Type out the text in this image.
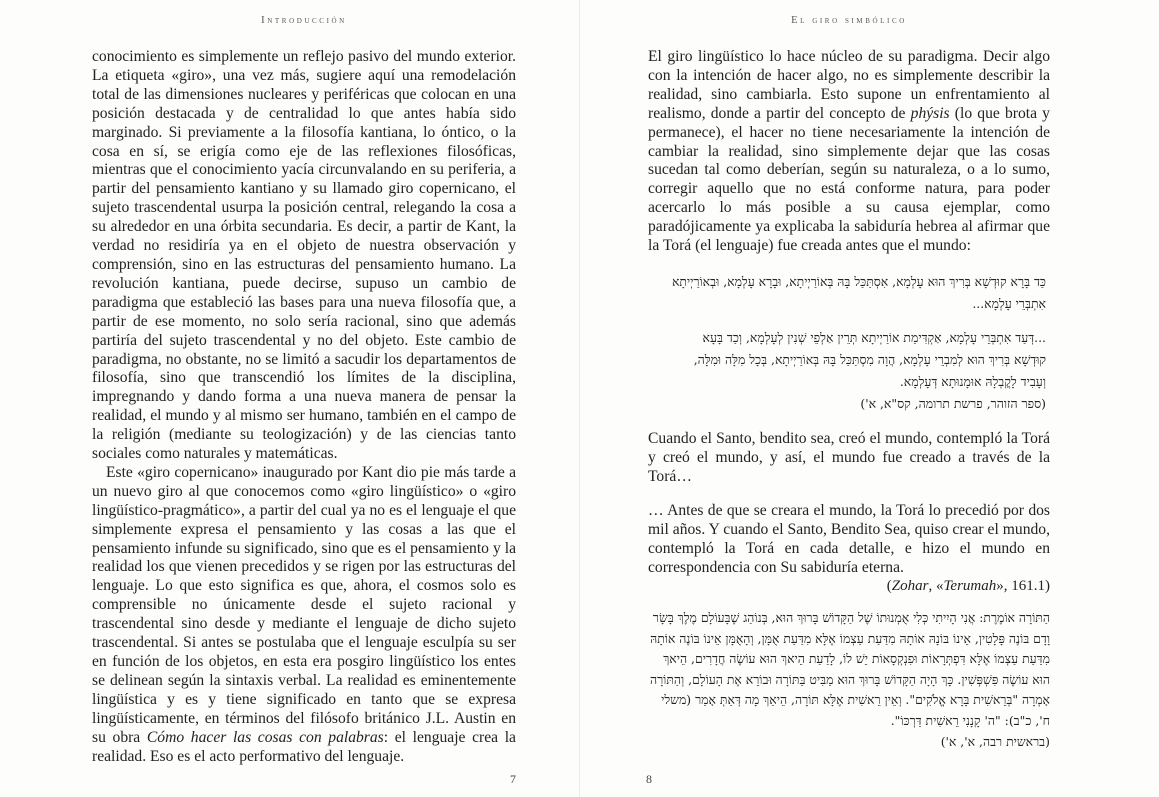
Introducción

conocimiento es simplemente un reflejo pasivo del mundo exterior. La etiqueta «giro», una vez más, sugiere aquí una remodelación total de las dimensiones nucleares y periféricas que colocan en una posición destacada y de centralidad lo que antes había sido marginado. Si previamente a la filosofía kantiana, lo óntico, o la cosa en sí, se erigía como eje de las reflexiones filosóficas, mientras que el conocimiento yacía circunvalando en su periferia, a partir del pensamiento kantiano y su llamado giro copernicano, el sujeto trascendental usurpa la posición central, relegando la cosa a su alrededor en una órbita secundaria. Es decir, a partir de Kant, la verdad no residiría ya en el objeto de nuestra observación y comprensión, sino en las estructuras del pensamiento humano. La revolución kantiana, puede decirse, supuso un cambio de paradigma que estableció las bases para una nueva filosofía que, a partir de ese momento, no solo sería racional, sino que además partiría del sujeto trascendental y no del objeto. Este cambio de paradigma, no obstante, no se limitó a sacudir los departamentos de filosofía, sino que transcendió los límites de la disciplina, impregnando y dando forma a una nueva manera de pensar la realidad, el mundo y al mismo ser humano, también en el campo de la religión (mediante su teologización) y de las ciencias tanto sociales como naturales y matemáticas.

Este «giro copernicano» inaugurado por Kant dio pie más tarde a un nuevo giro al que conocemos como «giro lingüístico» o «giro lingüístico-pragmático», a partir del cual ya no es el lenguaje el que simplemente expresa el pensamiento y las cosas a las que el pensamiento infunde su significado, sino que es el pensamiento y la realidad los que vienen precedidos y se rigen por las estructuras del lenguaje. Lo que esto significa es que, ahora, el cosmos solo es comprensible no únicamente desde el sujeto racional y trascendental sino desde y mediante el lenguaje de dicho sujeto trascendental. Si antes se postulaba que el lenguaje esculpía su ser en función de los objetos, en esta era posgiro lingüístico los entes se delinean según la sintaxis verbal. La realidad es eminentemente lingüística y es y tiene significado en tanto que se expresa lingüísticamente, en términos del filósofo británico J.L. Austin en su obra Cómo hacer las cosas con palabras: el lenguaje crea la realidad. Eso es el acto performativo del lenguaje.

7
El giro simbólico

El giro lingüístico lo hace núcleo de su paradigma. Decir algo con la intención de hacer algo, no es simplemente describir la realidad, sino cambiarla. Esto supone un enfrentamiento al realismo, donde a partir del concepto de phýsis (lo que brota y permanece), el hacer no tiene necesariamente la intención de cambiar la realidad, sino simplemente dejar que las cosas sucedan tal como deberían, según su naturaleza, o a lo sumo, corregir aquello que no está conforme natura, para poder acercarlo lo más posible a su causa ejemplar, como paradójicamente ya explicaba la sabiduría hebrea al afirmar que la Torá (el lenguaje) fue creada antes que el mundo:

כַּד בָּרָא קוּדְשָׁא בְּרִיךְ הוּא עָלְמָא, אִסְתַּכַּל בָּהּ בְּאוֹרַיְיתָא, וּבָרָא עָלְמָא, וּבְאוֹרַיְיתָא אִתְבְּרֵי עָלְמָא...

...דְּעַד אִתְבְּרֵי עָלְמָא, אַקְדִּימַת אוֹרַיְיתָא תְּרֵין אַלְפֵי שְׁנִין לְעָלְמָא, וְכַד בָּעָא קוּדְשָׁא בְּרִיךְ הוּא לְמִבְרֵי עָלְמָא, הֲוָה מִסְתַּכַּל בָּהּ בְּאוֹרַיְיתָא, בְּכָל מִלָּה וּמִלָּה, וְעָבִיד לָקֳבְלָהּ אוּמָנוּתָא דְּעָלְמָא.

(ספר הזוהר, פרשת תרומה, קס"א, א')

Cuando el Santo, bendito sea, creó el mundo, contempló la Torá y creó el mundo, y así, el mundo fue creado a través de la Torá…

… Antes de que se creara el mundo, la Torá lo precedió por dos mil años. Y cuando el Santo, Bendito Sea, quiso crear el mundo, contempló la Torá en cada detalle, e hizo el mundo en correspondencia con Su sabiduría eterna.

(Zohar, «Terumah», 161.1)

הַתּוֹרָה אוֹמֶרֶת: אֲנִי הָיִיתִי כְּלִי אֻמְנוּתוֹ שֶׁל הַקָּדוֹשׁ בָּרוּךְ הוּא, בְּנוֹהַג שֶׁבָּעוֹלָם מֶלֶךְ בָּשָׂר וָדָם בּוֹנֶה פָּלָטִין, אֵינוֹ בּוֹנָהּ אוֹתָהּ מִדַּעַת עַצְמוֹ אֶלָּא מִדַּעַת אֻמָּן, וְהָאֻמָּן אֵינוֹ בּוֹנֶה אוֹתָהּ מִדַּעַת עַצְמוֹ אֶלָּא דִּפְתְּרָאוֹת וּפִנְקְסָאוֹת יֵשׁ לוֹ, לָדַעַת הֵיאךְ הוּא עוֹשֶׂה חֲדָרִים, הֵיאךְ הוּא עוֹשֶׂה פִּשְׁפְּשִׁין. כָּךְ הָיָה הַקָּדוֹשׁ בָּרוּךְ הוּא מַבִּיט בַּתּוֹרָה וּבוֹרֵא אֶת הָעוֹלָם, וְהַתּוֹרָה אָמְרָה "בְּרֵאשִׁית בָּרָא אֱלֹקִים". וְאֵין רֵאשִׁית אֶלָּא תּוֹרָה, הֵיאַךְ מָה דְּאַתְּ אָמַר (משלי ח', כ"ב): "ה' קָנָנִי רֵאשִׁית דַּרְכּוֹ".

(בראשית רבה, א', א')

8
